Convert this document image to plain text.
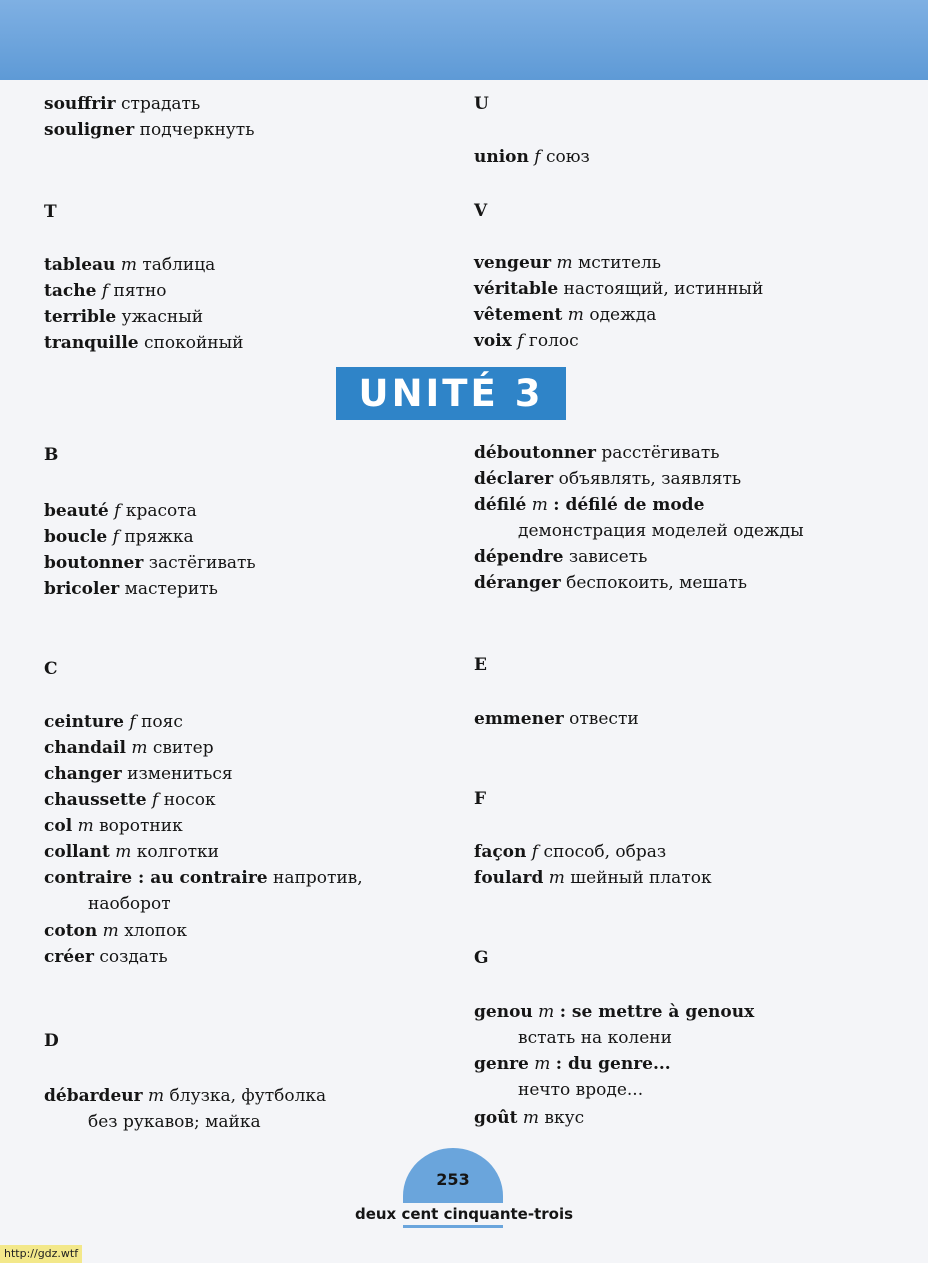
souffrir страдать
souligner подчеркнуть
T
tableau m таблица
tache f пятно
terrible ужасный
tranquille спокойный
B
beauté f красота
boucle f пряжка
boutonner застёгивать
bricoler мастерить
C
ceinture f пояс
chandail m свитер
changer измениться
chaussette f носок
col m воротник
collant m колготки
contraire : au contraire напротив,
наоборот
coton m хлопок
créer создать
D
débardeur m блузка, футболка
без рукавов; майка
U
union f союз
V
vengeur m мститель
véritable настоящий, истинный
vêtement m одежда
voix f голос
déboutonner расстёгивать
déclarer объявлять, заявлять
défilé m : défilé de mode
демонстрация моделей одежды
dépendre зависеть
déranger беспокоить, мешать
E
emmener отвести
F
façon f способ, образ
foulard m шейный платок
G
genou m : se mettre à genoux
встать на колени
genre m : du genre...
нечто вроде...
goût m вкус
UNITÉ 3
253
deux cent cinquante-trois
http://gdz.wtf
